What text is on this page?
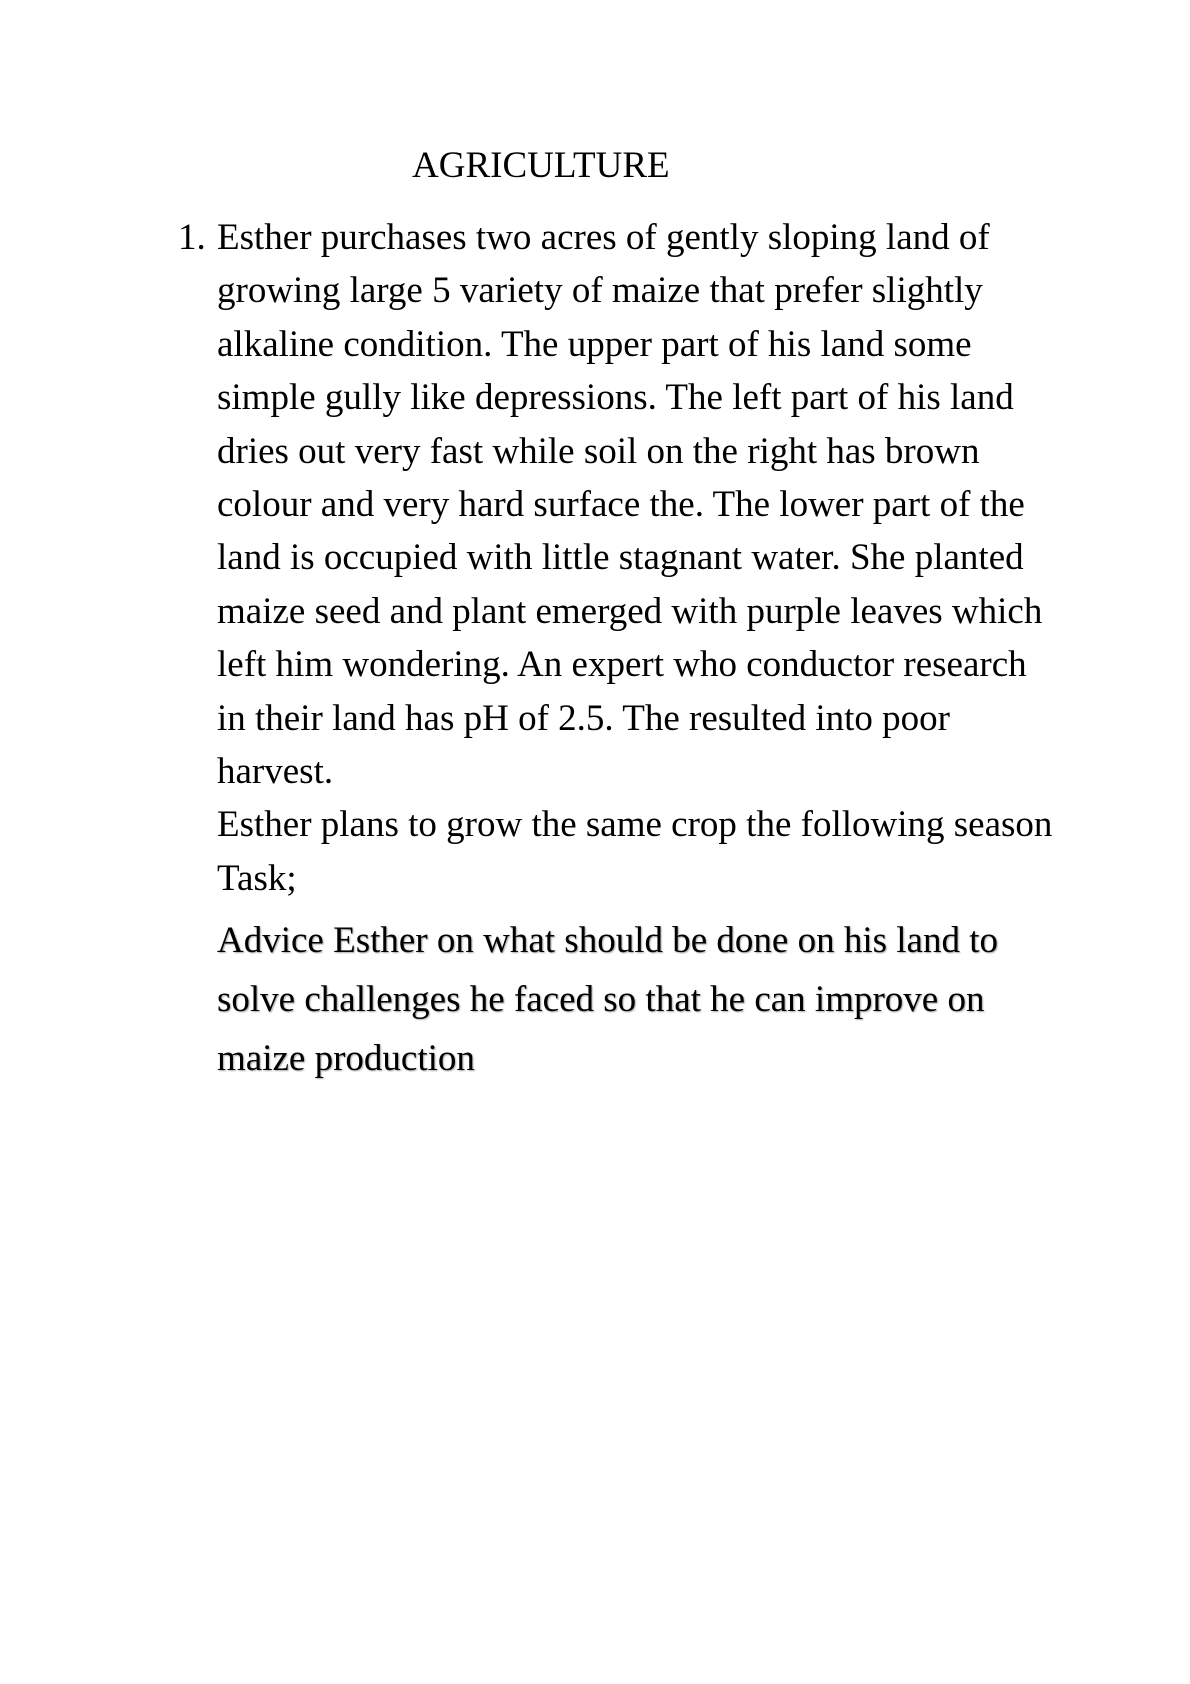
AGRICULTURE
1. Esther purchases two acres of gently sloping land of growing large 5 variety of maize that prefer slightly alkaline condition. The upper part of his land some simple gully like depressions. The left part of his land dries out very fast while soil on the right has brown colour and very hard surface the. The lower part of the land is occupied with little stagnant water. She planted maize seed and plant emerged with purple leaves which left him wondering. An expert who conductor research in their land has pH of 2.5. The resulted into poor harvest.

Esther plans to grow the same crop the following season

Task;

Advice Esther on what should be done on his land to solve challenges he faced so that he can improve on maize production
